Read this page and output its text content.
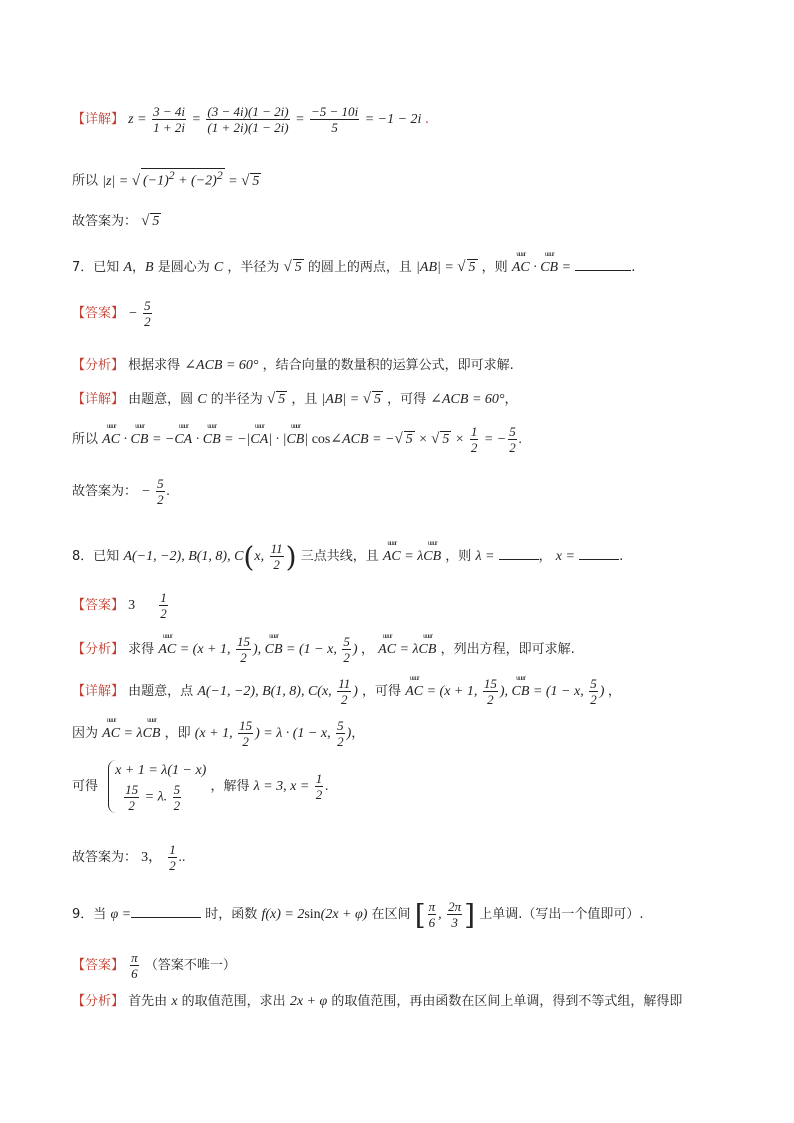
【详解】 $z = \frac{3 - 4i}{1 + 2i} = \frac{(3 - 4i)(1 - 2i)}{(1 + 2i)(1 - 2i)} = \frac{-5 - 10i}{5} = -1 - 2i$ .
所以 |z| = √ $(-1)^2 + (-2)^2$ = √ 5
故答案为： √ 5
7．已知 A，B 是圆心为 C ，半径为 √ 5 的圆上的两点，且 |AB| = √ 5 ，则 uuur AC · uuur CB =	.
【答案】 − $\frac{5}{2}$
【分析】 根据求得 ∠ACB = 60° ，结合向量的数量积的运算公式，即可求解.
【详解】 由题意，圆 C 的半径为 √ 5 ，且 |AB| = √ 5 ，可得 ∠ACB = 60°，
所以 uuur AC · uuur CB = −uuur CA · uuur CB = −|uuur CA| · |uuur CB| cos∠ACB = −√ 5 × √ $5 \times \frac{1}{2}$ = − $\frac{5}{2}$ .
故答案为： − $\frac{5}{2}$ .
8．已知 A(−1, −2), B(1, 8), C(x, $\frac{11}{2}$ ) 三点共线，且 uuur AC = λuuur CB ，则 λ =	， x =	.
【答案】 $3 \frac{1}{2}$
【分析】 求得 uuur AC = (x + 1, $\frac{15}{2}$ ), uuur CB = (1 − x, $\frac{5}{2}$ ) ， uuur AC = λuuur CB ，列出方程，即可求解.
【详解】 由题意，点 A(−1, −2), B(1, 8), C(x, $\frac{11}{2}$ ) ，可得 uuur AC = (x + 1, $\frac{15}{2}$ ), uuur CB = (1 − x, $\frac{5}{2}$ ) ，
因为 uuur AC = λuuur CB ，即 (x + 1, $\frac{15}{2}$ ) = λ · (1 − x, $\frac{5}{2}$ )，
可得
x + 1 = λ(1 − x)

$\frac{15}{2} = \lambda$. $\frac{5}{2}$ ，解得 λ = 3, $x = \frac{1}{2}$ .
故答案为： 3， $\frac{1}{2}$ ..
9．当 φ =	时，函数 f(x) = 2sin(2x + φ) 在区间 [ $\frac{\pi}{6}$ , $\frac{2\pi}{3}$ ] 上单调.（写出一个值即可）.
【答案】 $\frac{\pi}{6}$ （答案不唯一）
【分析】 首先由 x 的取值范围，求出 2x + φ 的取值范围，再由函数在区间上单调，得到不等式组，解得即
